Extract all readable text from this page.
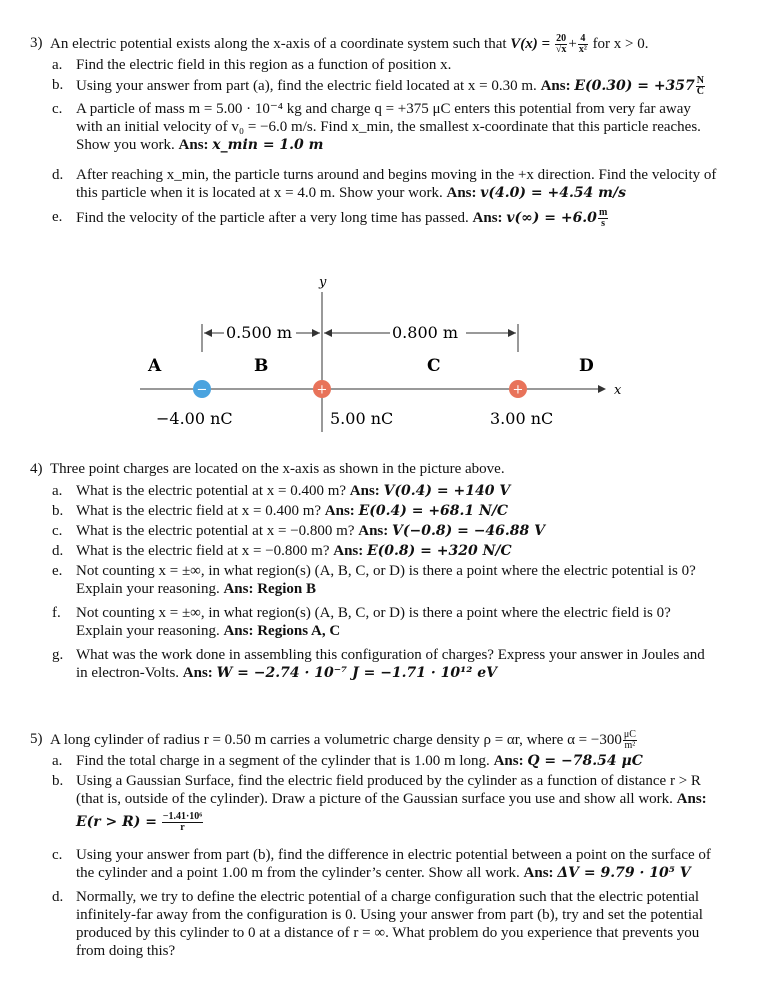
3) An electric potential exists along the x-axis of a coordinate system such that $V(x) = \frac{20}{√x} + \frac{4}{\text{x²}}$ for x > 0.
a. Find the electric field in this region as a function of position x.
b. Using your answer from part (a), find the electric field located at x = 0.30 m. Ans: $E(0.30) = +357 \frac{N}{C}$
c. A particle of mass m = 5.00 · 10⁻⁴ kg and charge q = +375 μC enters this potential from very far away
with an initial velocity of v₀ = −6.0 m/s. Find x_min, the smallest x-coordinate that this particle reaches.
Show you work. Ans: x_min = 1.0 m
d. After reaching x_min, the particle turns around and begins moving in the +x direction. Find the velocity of
this particle when it is located at x = 4.0 m. Show your work. Ans: v(4.0) = +4.54 m/s
e. Find the velocity of the particle after a very long time has passed. Ans: $v(\infty) = +6.0 \frac{m}{s}$
y
x
0.500 m	0.800 m
A	B	C	D
−	+	+
−4.00 nC	5.00 nC	3.00 nC
4) Three point charges are located on the x-axis as shown in the picture above.
a. What is the electric potential at x = 0.400 m? Ans: V(0.4) = +140 V
b. What is the electric field at x = 0.400 m? Ans: E(0.4) = +68.1 N/C
c. What is the electric potential at x = −0.800 m? Ans: V(−0.8) = −46.88 V
d. What is the electric field at x = −0.800 m? Ans: E(0.8) = +320 N/C
e. Not counting x = ±∞, in what region(s) (A, B, C, or D) is there a point where the electric potential is 0?
Explain your reasoning. Ans: Region B
f.	Not counting x = ±∞, in what region(s) (A, B, C, or D) is there a point where the electric field is 0?
Explain your reasoning. Ans: Regions A, C
g. What was the work done in assembling this configuration of charges? Express your answer in Joules and
in electron-Volts. Ans: W = −2.74 · 10⁻⁷ J = −1.71 · 10¹² eV
5) A long cylinder of radius r = 0.50 m carries a volumetric charge density ρ = αr, where $\alpha = -300 \frac{\mu C}{\text{m²}}$
a. Find the total charge in a segment of the cylinder that is 1.00 m long. Ans: Q = −78.54 μC
b. Using a Gaussian Surface, find the electric field produced by the cylinder as a function of distance r > R
(that is, outside of the cylinder). Draw a picture of the Gaussian surface you use and show all work. Ans:
$E(r > R) = \frac{\text{−1.41·10⁶}}{r}$
c. Using your answer from part (b), find the difference in electric potential between a point on the surface of
the cylinder and a point 1.00 m from the cylinder’s center. Show all work. Ans: ΔV = 9.79 · 10⁵ V
d. Normally, we try to define the electric potential of a charge configuration such that the electric potential
infinitely-far away from the configuration is 0. Using your answer from part (b), try and set the potential
produced by this cylinder to 0 at a distance of r = ∞. What problem do you experience that prevents you
from doing this?
